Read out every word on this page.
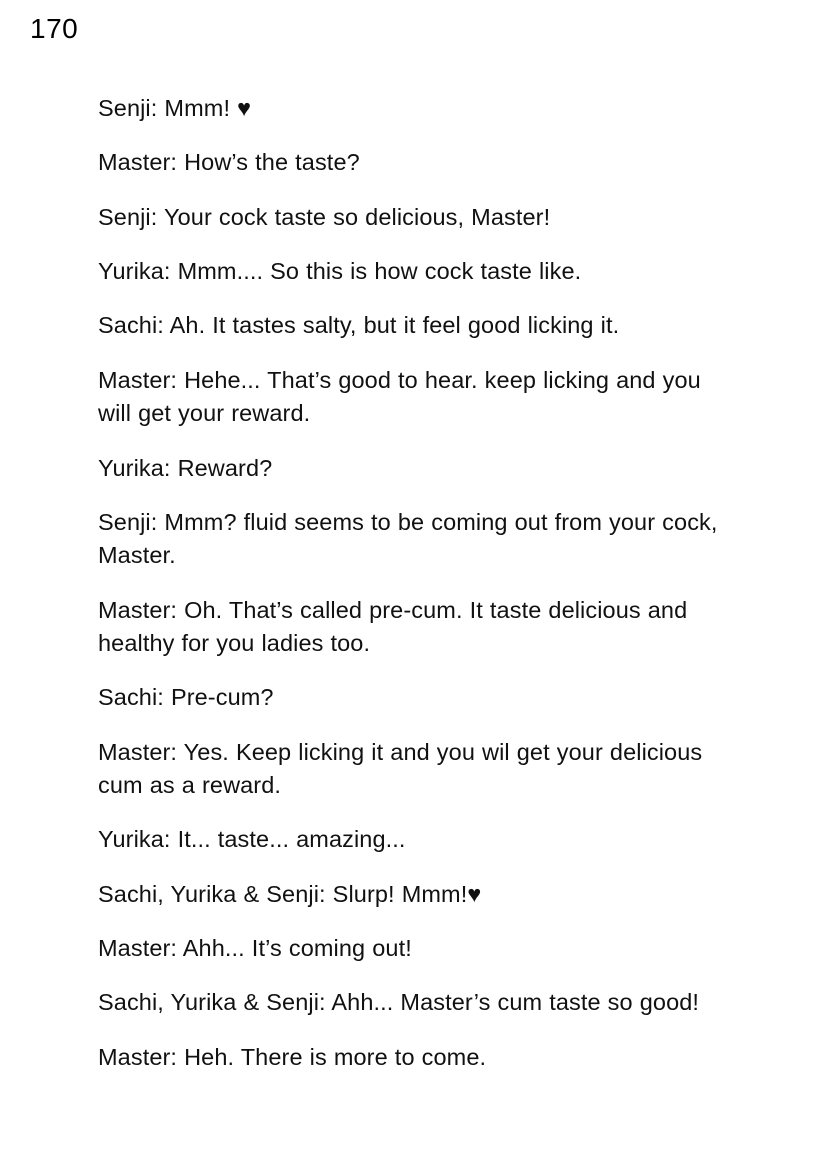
170

Senji: Mmm! ♥

Master: How’s the taste?

Senji: Your cock taste so delicious, Master!

Yurika: Mmm.... So this is how cock taste like.

Sachi: Ah. It tastes salty, but it feel good licking it.

Master: Hehe... That’s good to hear. keep licking and you will get your reward.

Yurika: Reward?

Senji: Mmm? fluid seems to be coming out from your cock, Master.

Master: Oh. That’s called pre-cum. It taste delicious and healthy for you ladies too.

Sachi: Pre-cum?

Master: Yes. Keep licking it and you wil get your delicious cum as a reward.

Yurika: It... taste... amazing...

Sachi, Yurika & Senji: Slurp! Mmm!♥

Master: Ahh... It’s coming out!

Sachi, Yurika & Senji: Ahh... Master’s cum taste so good!

Master: Heh. There is more to come.
